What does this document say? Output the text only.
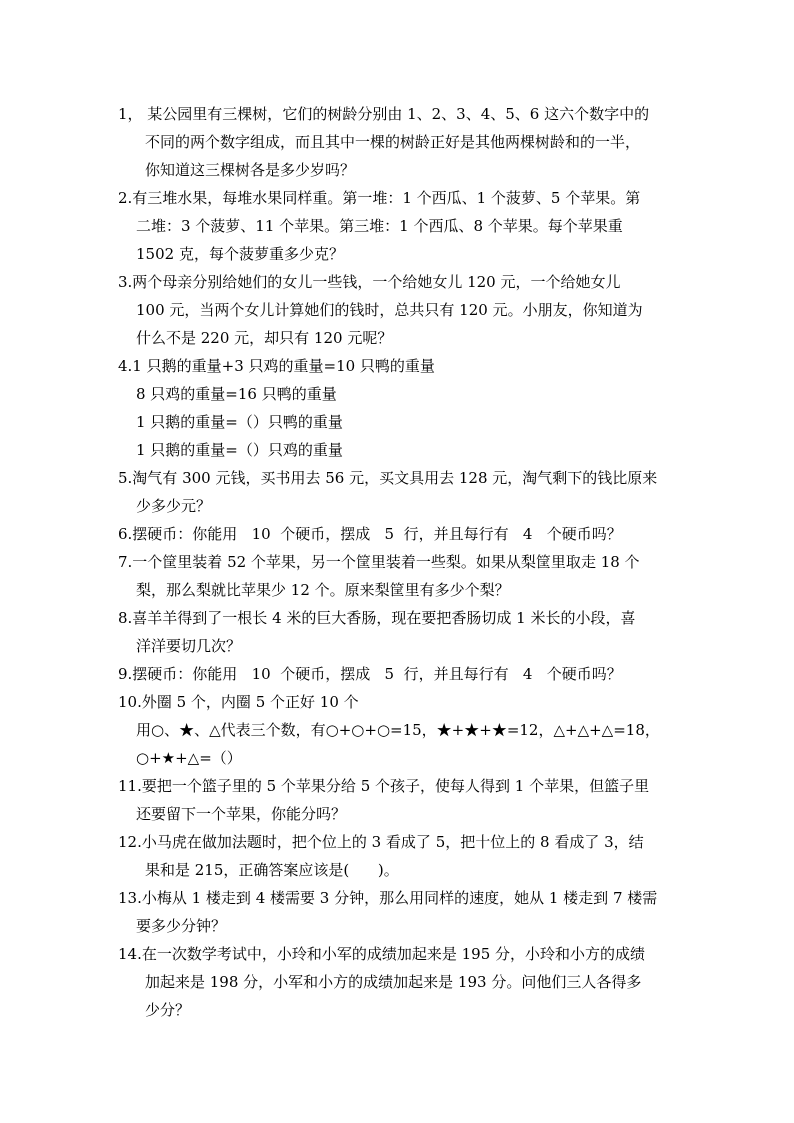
1， 某公园里有三棵树，它们的树龄分别由 1、2、3、4、5、6 这六个数字中的
不同的两个数字组成，而且其中一棵的树龄正好是其他两棵树龄和的一半，
你知道这三棵树各是多少岁吗？
2.有三堆水果，每堆水果同样重。第一堆：1 个西瓜、1 个菠萝、5 个苹果。第
二堆：3 个菠萝、11 个苹果。第三堆：1 个西瓜、8 个苹果。每个苹果重
1502 克，每个菠萝重多少克？
3.两个母亲分别给她们的女儿一些钱，一个给她女儿 120 元，一个给她女儿
100 元，当两个女儿计算她们的钱时，总共只有 120 元。小朋友，你知道为
什么不是 220 元，却只有 120 元呢？
4.1 只鹅的重量+3 只鸡的重量=10 只鸭的重量
8 只鸡的重量=16 只鸭的重量
1 只鹅的重量=（）只鸭的重量
1 只鹅的重量=（）只鸡的重量
5.淘气有 300 元钱，买书用去 56 元，买文具用去 128 元，淘气剩下的钱比原来
少多少元？
6.摆硬币：你能用   10  个硬币，摆成   5  行，并且每行有   4   个硬币吗？
7.一个筐里装着 52 个苹果，另一个筐里装着一些梨。如果从梨筐里取走 18 个
梨，那么梨就比苹果少 12 个。原来梨筐里有多少个梨？
8.喜羊羊得到了一根长 4 米的巨大香肠，现在要把香肠切成 1 米长的小段，喜
洋洋要切几次？
9.摆硬币：你能用   10  个硬币，摆成   5  行，并且每行有   4   个硬币吗？
10.外圈 5 个，内圈 5 个正好 10 个
用○、★、△代表三个数，有○+○+○=15，★+★+★=12，△+△+△=18，
○+★+△=（）
11.要把一个篮子里的 5 个苹果分给 5 个孩子，使每人得到 1 个苹果，但篮子里
还要留下一个苹果，你能分吗？
12.小马虎在做加法题时，把个位上的 3 看成了 5，把十位上的 8 看成了 3，结
果和是 215，正确答案应该是(      )。
13.小梅从 1 楼走到 4 楼需要 3 分钟，那么用同样的速度，她从 1 楼走到 7 楼需
要多少分钟？
14.在一次数学考试中，小玲和小军的成绩加起来是 195 分，小玲和小方的成绩
加起来是 198 分，小军和小方的成绩加起来是 193 分。问他们三人各得多
少分？
